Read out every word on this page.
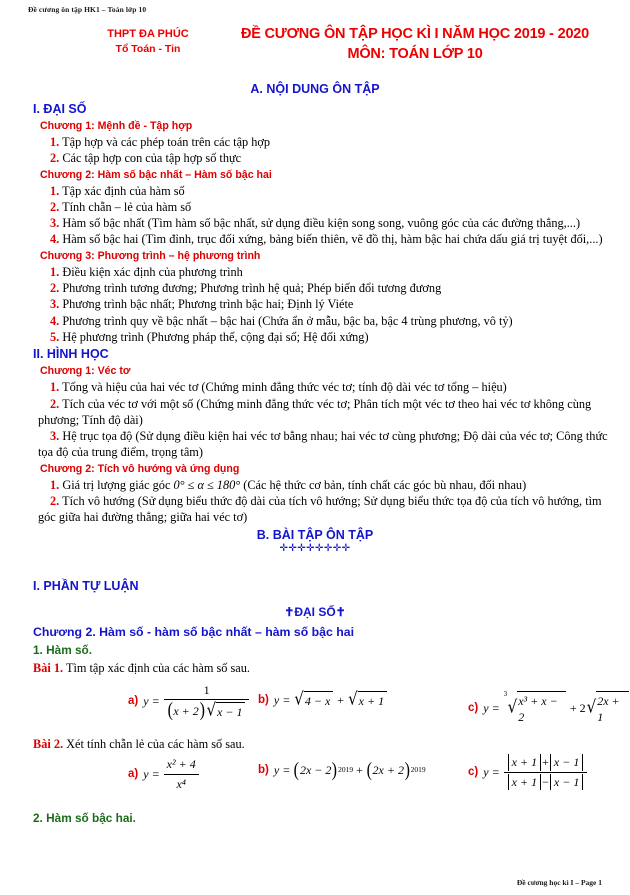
Đề cương ôn tập HK1 – Toán lớp 10
THPT ĐA PHÚC
Tổ Toán - Tin
ĐỀ CƯƠNG ÔN TẬP HỌC KÌ I NĂM HỌC 2019 - 2020
MÔN: TOÁN LỚP 10
A. NỘI DUNG ÔN TẬP
I. ĐẠI SỐ
Chương 1: Mệnh đề - Tập hợp
1. Tập hợp và các phép toán trên các tập hợp
2. Các tập hợp con của tập hợp số thực
Chương 2: Hàm số bậc nhất – Hàm số bậc hai
1. Tập xác định của hàm số
2. Tính chẵn – lẻ của hàm số
3. Hàm số bậc nhất (Tìm hàm số bậc nhất, sử dụng điều kiện song song, vuông góc của các đường thẳng,...)
4. Hàm số bậc hai (Tìm đỉnh, trục đối xứng, bảng biến thiên, vẽ đồ thị, hàm bậc hai chứa dấu giá trị tuyệt đối,...)
Chương 3: Phương trình – hệ phương trình
1. Điều kiện xác định của phương trình
2. Phương trình tương đương; Phương trình hệ quả; Phép biến đổi tương đương
3. Phương trình bậc nhất; Phương trình bậc hai; Định lý Viéte
4. Phương trình quy về bậc nhất – bậc hai (Chứa ẩn ở mẫu, bậc ba, bậc 4 trùng phương, vô tỷ)
5. Hệ phương trình (Phương pháp thế, cộng đại số; Hệ đối xứng)
II. HÌNH HỌC
Chương 1: Véc tơ
1. Tổng và hiệu của hai véc tơ (Chứng minh đẳng thức véc tơ; tính độ dài véc tơ tổng – hiệu)
2. Tích của véc tơ với một số (Chứng minh đẳng thức véc tơ; Phân tích một véc tơ theo hai véc tơ không cùng phương; Tính độ dài)
3. Hệ trục tọa độ (Sử dụng điều kiện hai véc tơ bằng nhau; hai véc tơ cùng phương; Độ dài của véc tơ; Công thức tọa độ của trung điểm, trọng tâm)
Chương 2: Tích vô hướng và ứng dụng
1. Giá trị lượng giác góc 0° ≤ α ≤ 180° (Các hệ thức cơ bản, tính chất các góc bù nhau, đối nhau)
2. Tích vô hướng (Sử dụng biểu thức độ dài của tích vô hướng; Sử dụng biểu thức tọa độ của tích vô hướng, tìm góc giữa hai đường thẳng; giữa hai véc tơ)
B. BÀI TẬP ÔN TẬP
✛✛✛✛✛✛✛✛
I. PHẦN TỰ LUẬN
✝ĐẠI SỐ✝
Chương 2. Hàm số - hàm số bậc nhất – hàm số bậc hai
1. Hàm số.
Bài 1. Tìm tập xác định của các hàm số sau.
a) $y = \frac{1}{(x + 2) √ x - 1} b$) y = √ 4 − x + √ x + 1	c) y =
3
√ x³ + x − 2
+ 2 √ 2x + 1
Bài 2. Xét tính chẵn lẻ của các hàm số sau.
a) $y = \frac{\text{x² + 4}}{\text{x⁴}}$	b) y = ( 2x − 2 ) 2019 + ( 2x + 2 ) 2019	c) $y = \frac{x + 1 + x - 1}{x + 1 - x - 1}$
2. Hàm số bậc hai.
Đề cương học kì I – Page 1
